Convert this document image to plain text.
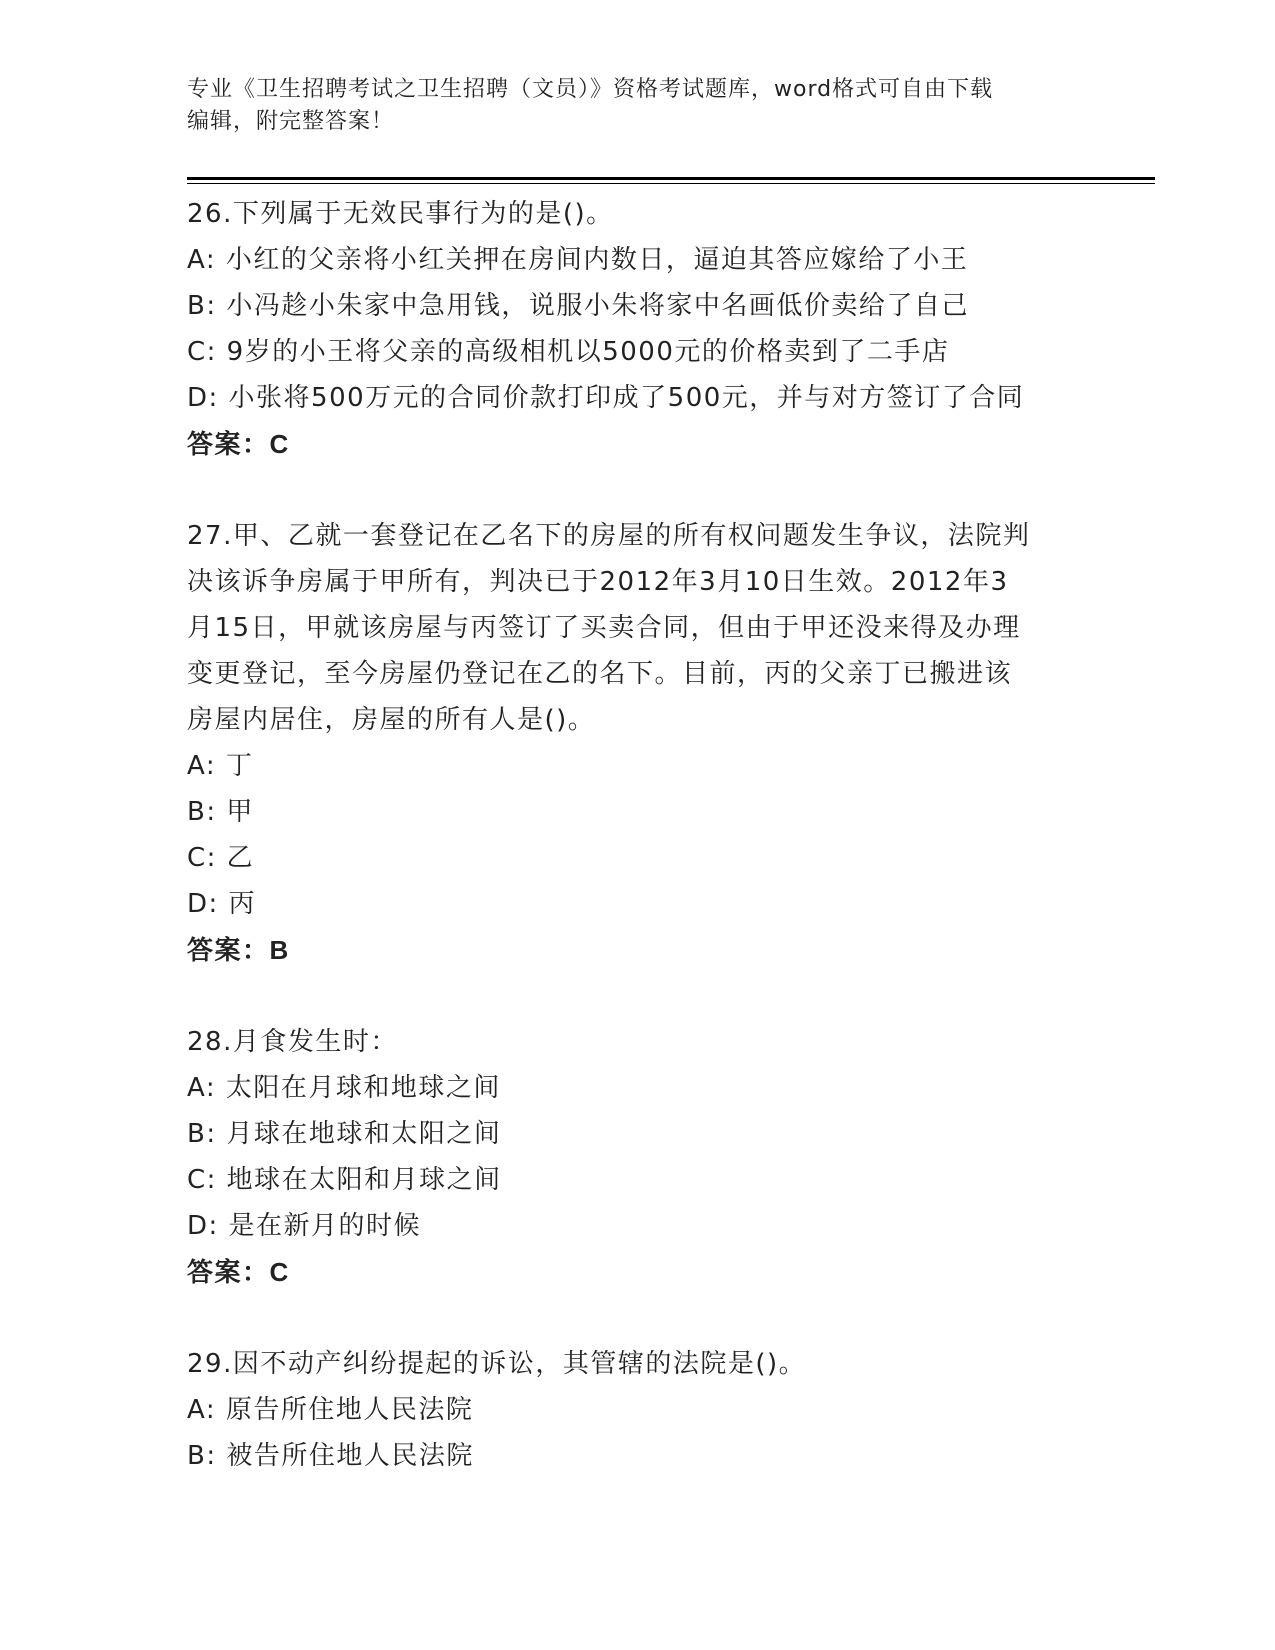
专业《卫生招聘考试之卫生招聘（文员）》资格考试题库，word格式可自由下载
编辑，附完整答案！
26.下列属于无效民事行为的是()。
A: 小红的父亲将小红关押在房间内数日，逼迫其答应嫁给了小王
B: 小冯趁小朱家中急用钱，说服小朱将家中名画低价卖给了自己
C: 9岁的小王将父亲的高级相机以5000元的价格卖到了二手店
D: 小张将500万元的合同价款打印成了500元，并与对方签订了合同
答案：C
27.甲、乙就一套登记在乙名下的房屋的所有权问题发生争议，法院判
决该诉争房属于甲所有，判决已于2012年3月10日生效。2012年3
月15日，甲就该房屋与丙签订了买卖合同，但由于甲还没来得及办理
变更登记，至今房屋仍登记在乙的名下。目前，丙的父亲丁已搬进该
房屋内居住，房屋的所有人是()。
A: 丁
B: 甲
C: 乙
D: 丙
答案：B
28.月食发生时：
A: 太阳在月球和地球之间
B: 月球在地球和太阳之间
C: 地球在太阳和月球之间
D: 是在新月的时候
答案：C
29.因不动产纠纷提起的诉讼，其管辖的法院是()。
A: 原告所住地人民法院
B: 被告所住地人民法院
